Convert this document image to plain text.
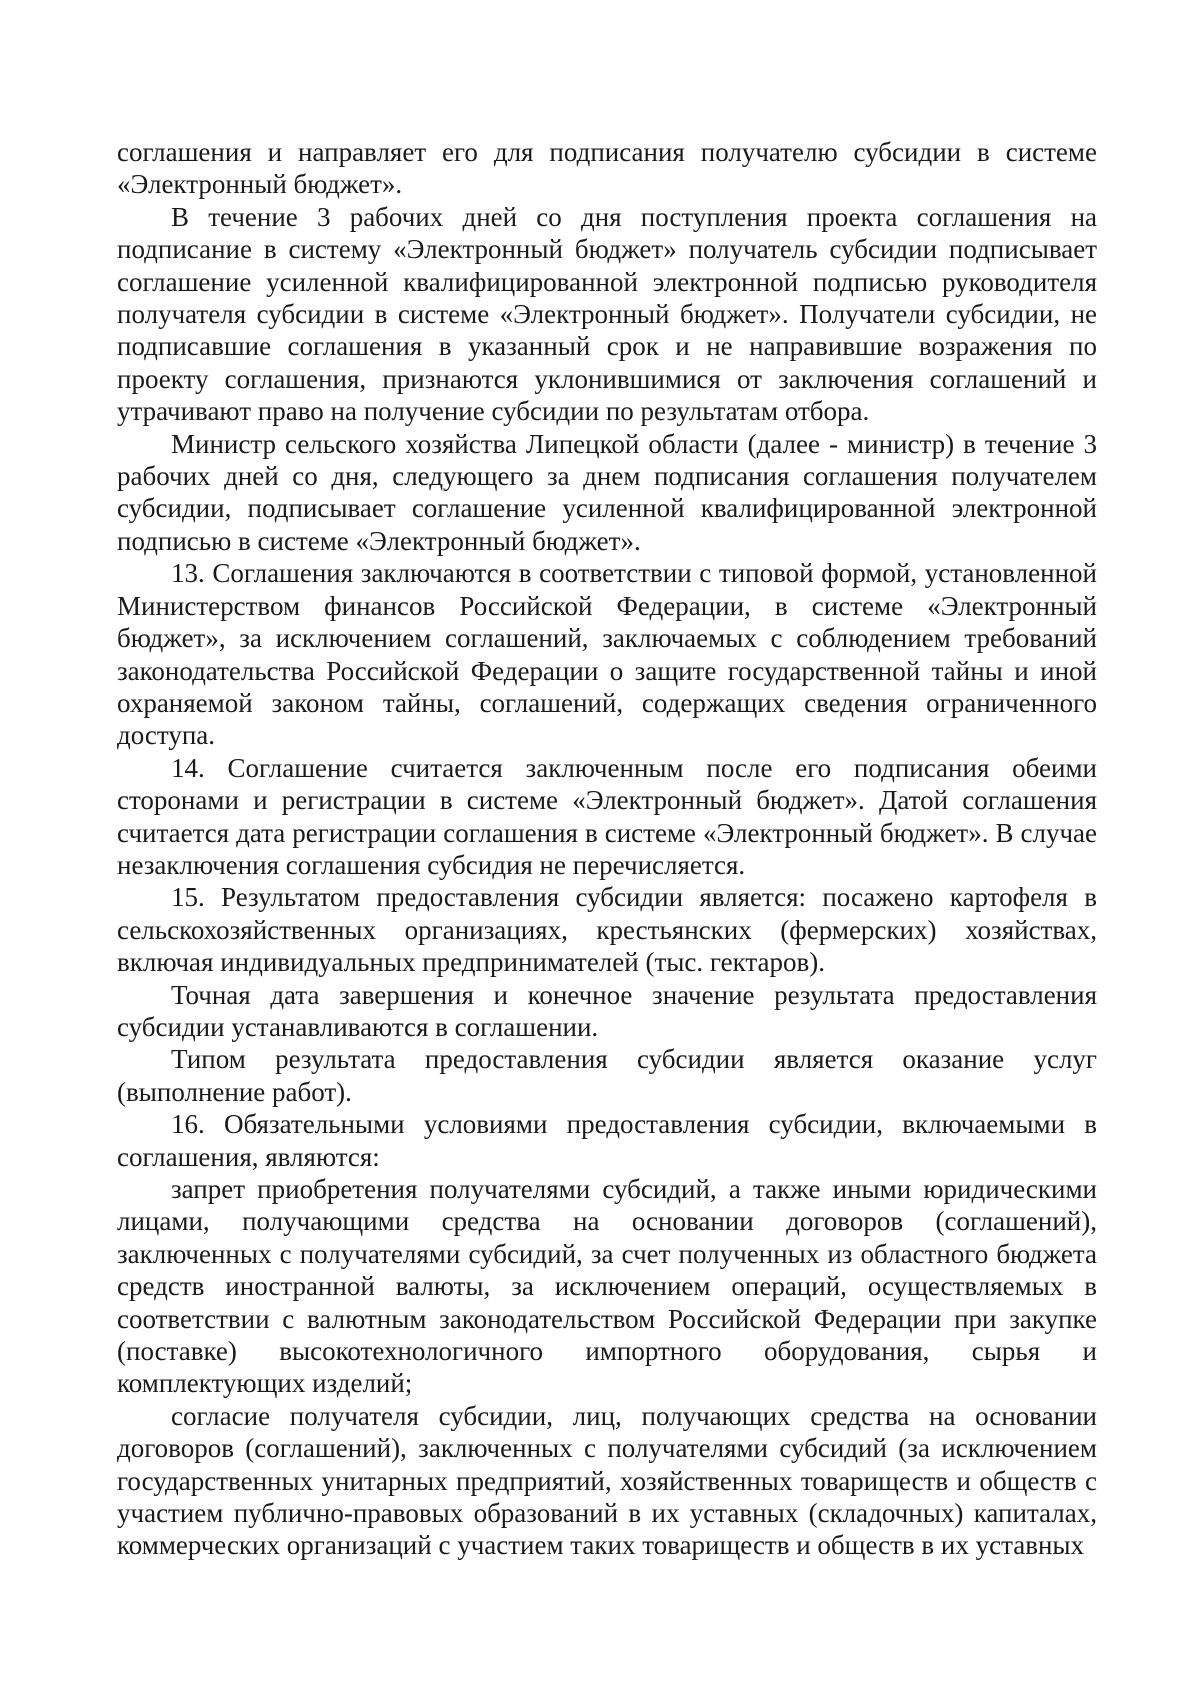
соглашения и направляет его для подписания получателю субсидии в системе «Электронный бюджет».

В течение 3 рабочих дней со дня поступления проекта соглашения на подписание в систему «Электронный бюджет» получатель субсидии подписывает соглашение усиленной квалифицированной электронной подписью руководителя получателя субсидии в системе «Электронный бюджет». Получатели субсидии, не подписавшие соглашения в указанный срок и не направившие возражения по проекту соглашения, признаются уклонившимися от заключения соглашений и утрачивают право на получение субсидии по результатам отбора.

Министр сельского хозяйства Липецкой области (далее - министр) в течение 3 рабочих дней со дня, следующего за днем подписания соглашения получателем субсидии, подписывает соглашение усиленной квалифицированной электронной подписью в системе «Электронный бюджет».

13. Соглашения заключаются в соответствии с типовой формой, установленной Министерством финансов Российской Федерации, в системе «Электронный бюджет», за исключением соглашений, заключаемых с соблюдением требований законодательства Российской Федерации о защите государственной тайны и иной охраняемой законом тайны, соглашений, содержащих сведения ограниченного доступа.

14. Соглашение считается заключенным после его подписания обеими сторонами и регистрации в системе «Электронный бюджет». Датой соглашения считается дата регистрации соглашения в системе «Электронный бюджет». В случае незаключения соглашения субсидия не перечисляется.

15. Результатом предоставления субсидии является: посажено картофеля в сельскохозяйственных организациях, крестьянских (фермерских) хозяйствах, включая индивидуальных предпринимателей (тыс. гектаров).

Точная дата завершения и конечное значение результата предоставления субсидии устанавливаются в соглашении.

Типом результата предоставления субсидии является оказание услуг (выполнение работ).

16. Обязательными условиями предоставления субсидии, включаемыми в соглашения, являются:

запрет приобретения получателями субсидий, а также иными юридическими лицами, получающими средства на основании договоров (соглашений), заключенных с получателями субсидий, за счет полученных из областного бюджета средств иностранной валюты, за исключением операций, осуществляемых в соответствии с валютным законодательством Российской Федерации при закупке (поставке) высокотехнологичного импортного оборудования, сырья и комплектующих изделий;

согласие получателя субсидии, лиц, получающих средства на основании договоров (соглашений), заключенных с получателями субсидий (за исключением государственных унитарных предприятий, хозяйственных товариществ и обществ с участием публично-правовых образований в их уставных (складочных) капиталах, коммерческих организаций с участием таких товариществ и обществ в их уставных
